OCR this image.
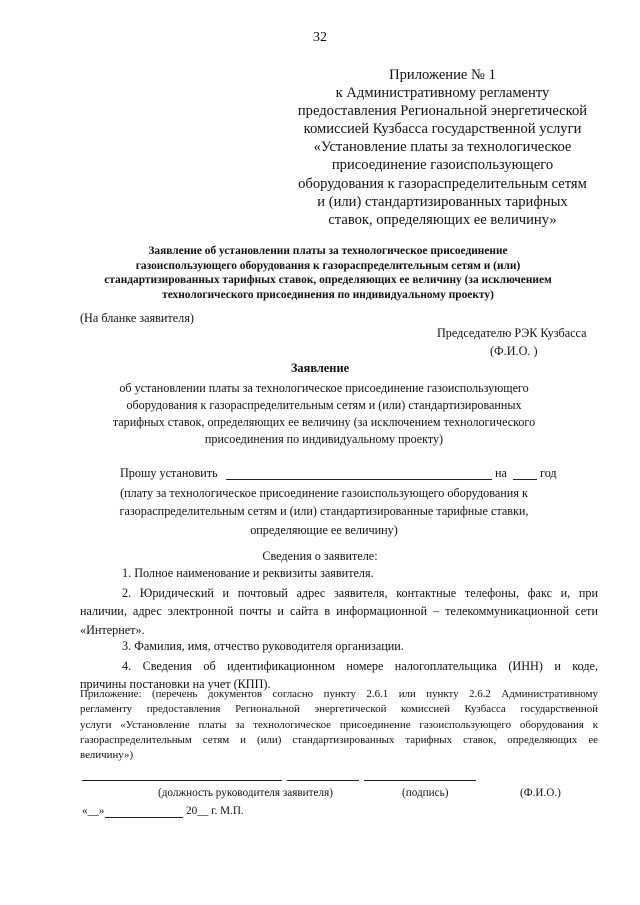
32
Приложение № 1
к Административному регламенту
предоставления Региональной энергетической
комиссией Кузбасса государственной услуги
«Установление платы за технологическое
присоединение газоиспользующего
оборудования к газораспределительным сетям
и (или) стандартизированных тарифных
ставок, определяющих ее величину»
Заявление об установлении платы за технологическое присоединение
газоиспользующего оборудования к газораспределительным сетям и (или)
стандартизированных тарифных ставок, определяющих ее величину (за исключением
технологического присоединения по индивидуальному проекту)
(На бланке заявителя)
Председателю РЭК Кузбасса
(Ф.И.О. )
Заявление
об установлении платы за технологическое присоединение газоиспользующего
оборудования к газораспределительным сетям и (или) стандартизированных
тарифных ставок, определяющих ее величину (за исключением технологического
присоединения по индивидуальному проекту)
Прошу установить	на	год
(плату за технологическое присоединение газоиспользующего оборудования к
газораспределительным сетям и (или) стандартизированные тарифные ставки,
определяющие ее величину)
Сведения о заявителе:
1. Полное наименование и реквизиты заявителя.
2. Юридический и почтовый адрес заявителя, контактные телефоны, факс и, при
наличии, адрес электронной почты и сайта в информационной – телекоммуникационной сети
«Интернет».
3. Фамилия, имя, отчество руководителя организации.
4. Сведения об идентификационном номере налогоплательщика (ИНН) и коде,
причины постановки на учет (КПП).
Приложение: (перечень документов согласно пункту 2.6.1 или пункту 2.6.2 Административному
регламенту предоставления Региональной энергетической комиссией Кузбасса государственной
услуги «Установление платы за технологическое присоединение газоиспользующего оборудования к
газораспределительным сетям и (или) стандартизированных тарифных ставок, определяющих ее
величину»)
(должность руководителя заявителя)	(подпись)	(Ф.И.О.)
«__»	20__ г. М.П.
